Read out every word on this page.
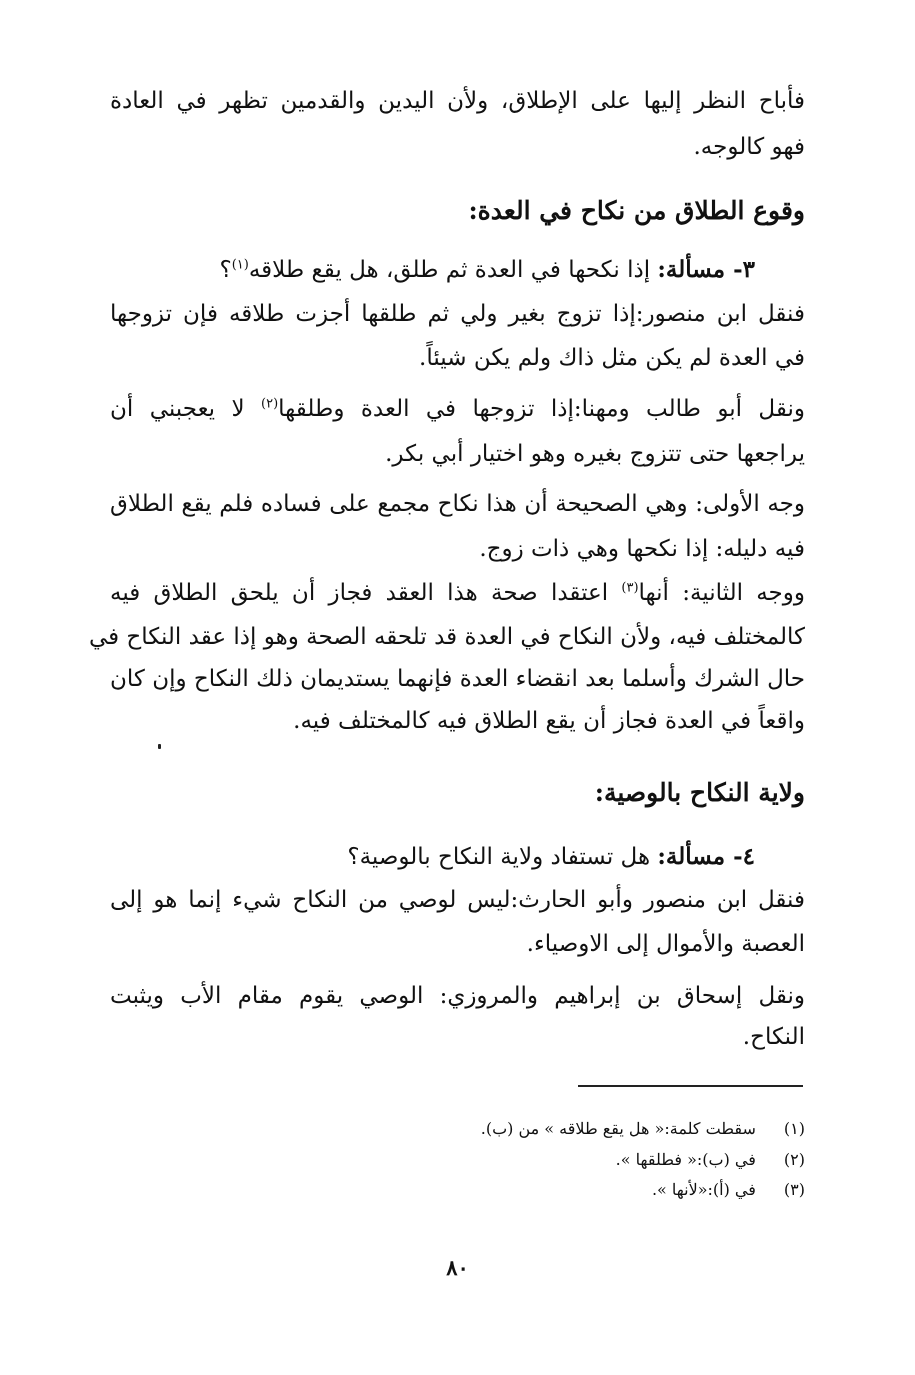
فأباح النظر إليها على الإطلاق، ولأن اليدين والقدمين تظهر في العادة

فهو كالوجه.

وقوع الطلاق من نكاح في العدة:

٣- مسألة: إذا نكحها في العدة ثم طلق، هل يقع طلاقه$^{(١)}$؟

فنقل ابن منصور:إذا تزوج بغير ولي ثم طلقها أجزت طلاقه فإن تزوجها

في العدة لم يكن مثل ذاك ولم يكن شيئاً.

ونقل أبو طالب ومهنا:إذا تزوجها في العدة وطلقها$^{(٢)}$ لا يعجبني أن

يراجعها حتى تتزوج بغيره وهو اختيار أبي بكر.

وجه الأولى: وهي الصحيحة أن هذا نكاح مجمع على فساده فلم يقع الطلاق

فيه دليله: إذا نكحها وهي ذات زوج.

ووجه الثانية: أنها$^{(٣)}$ اعتقدا صحة هذا العقد فجاز أن يلحق الطلاق فيه

كالمختلف فيه، ولأن النكاح في العدة قد تلحقه الصحة وهو إذا عقد النكاح في

حال الشرك وأسلما بعد انقضاء العدة فإنهما يستديمان ذلك النكاح وإن كان

واقعاً في العدة فجاز أن يقع الطلاق فيه كالمختلف فيه.

ولاية النكاح بالوصية:

٤- مسألة: هل تستفاد ولاية النكاح بالوصية؟

فنقل ابن منصور وأبو الحارث:ليس لوصي من النكاح شيء إنما هو إلى

العصبة والأموال إلى الاوصياء.

ونقل إسحاق بن إبراهيم والمروزي: الوصي يقوم مقام الأب ويثبت

النكاح.

(١) سقطت كلمة:« هل يقع طلاقه » من (ب).
(٢) في (ب):« فطلقها ».
(٣) في (أ):«لأنها ».
٨٠
